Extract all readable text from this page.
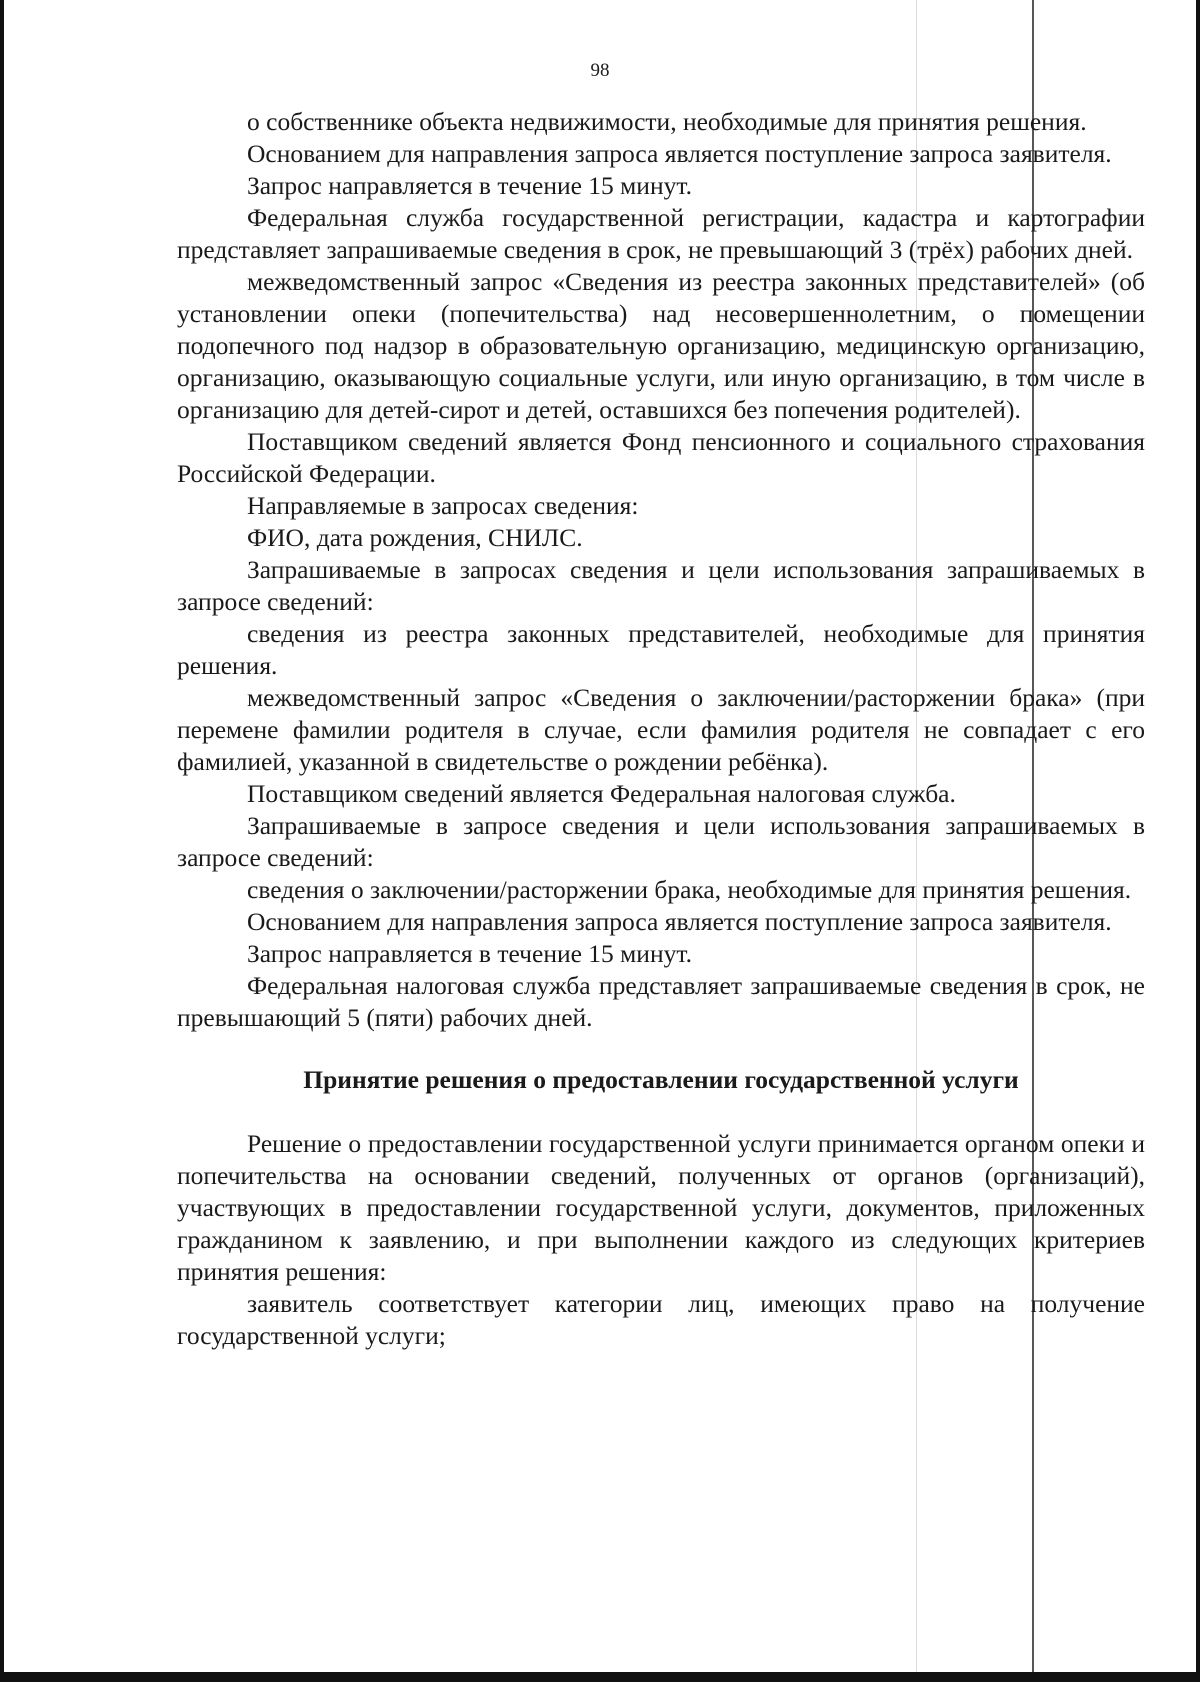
98

о собственнике объекта недвижимости, необходимые для принятия решения.

Основанием для направления запроса является поступление запроса заявителя.

Запрос направляется в течение 15 минут.

Федеральная служба государственной регистрации, кадастра и картографии представляет запрашиваемые сведения в срок, не превышающий 3 (трёх) рабочих дней.

межведомственный запрос «Сведения из реестра законных представителей» (об установлении опеки (попечительства) над несовершеннолетним, о помещении подопечного под надзор в образовательную организацию, медицинскую организацию, организацию, оказывающую социальные услуги, или иную организацию, в том числе в организацию для детей-сирот и детей, оставшихся без попечения родителей).

Поставщиком сведений является Фонд пенсионного и социального страхования Российской Федерации.

Направляемые в запросах сведения:

ФИО, дата рождения, СНИЛС.

Запрашиваемые в запросах сведения и цели использования запрашиваемых в запросе сведений:

сведения из реестра законных представителей, необходимые для принятия решения.

межведомственный запрос «Сведения о заключении/расторжении брака» (при перемене фамилии родителя в случае, если фамилия родителя не совпадает с его фамилией, указанной в свидетельстве о рождении ребёнка).

Поставщиком сведений является Федеральная налоговая служба.

Запрашиваемые в запросе сведения и цели использования запрашиваемых в запросе сведений:

сведения о заключении/расторжении брака, необходимые для принятия решения.

Основанием для направления запроса является поступление запроса заявителя.

Запрос направляется в течение 15 минут.

Федеральная налоговая служба представляет запрашиваемые сведения в срок, не превышающий 5 (пяти) рабочих дней.

Принятие решения о предоставлении государственной услуги

Решение о предоставлении государственной услуги принимается органом опеки и попечительства на основании сведений, полученных от органов (организаций), участвующих в предоставлении государственной услуги, документов, приложенных гражданином к заявлению, и при выполнении каждого из следующих критериев принятия решения:

заявитель соответствует категории лиц, имеющих право на получение государственной услуги;
